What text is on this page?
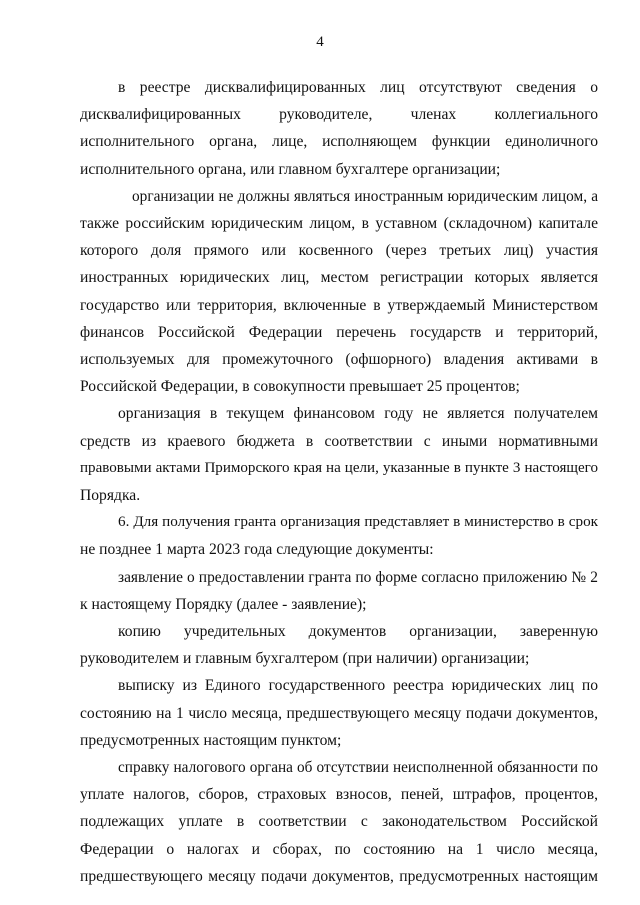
4
в реестре дисквалифицированных лиц отсутствуют сведения о
дисквалифицированных руководителе, членах коллегиального
исполнительного органа, лице, исполняющем функции единоличного
исполнительного органа, или главном бухгалтере организации;
организации не должны являться иностранным юридическим лицом, а
также российским юридическим лицом, в уставном (складочном) капитале
которого доля прямого или косвенного (через третьих лиц) участия
иностранных юридических лиц, местом регистрации которых является
государство или территория, включенные в утверждаемый Министерством
финансов Российской Федерации перечень государств и территорий,
используемых для промежуточного (офшорного) владения активами в
Российской Федерации, в совокупности превышает 25 процентов;
организация в текущем финансовом году не является получателем
средств из краевого бюджета в соответствии с иными нормативными
правовыми актами Приморского края на цели, указанные в пункте 3 настоящего
Порядка.
6. Для получения гранта организация представляет в министерство в срок
не позднее 1 марта 2023 года следующие документы:
заявление о предоставлении гранта по форме согласно приложению № 2
к настоящему Порядку (далее - заявление);
копию учредительных документов организации, заверенную
руководителем и главным бухгалтером (при наличии) организации;
выписку из Единого государственного реестра юридических лиц по
состоянию на 1 число месяца, предшествующего месяцу подачи документов,
предусмотренных настоящим пунктом;
справку налогового органа об отсутствии неисполненной обязанности по
уплате налогов, сборов, страховых взносов, пеней, штрафов, процентов,
подлежащих уплате в соответствии с законодательством Российской
Федерации о налогах и сборах, по состоянию на 1 число месяца,
предшествующего месяцу подачи документов, предусмотренных настоящим
